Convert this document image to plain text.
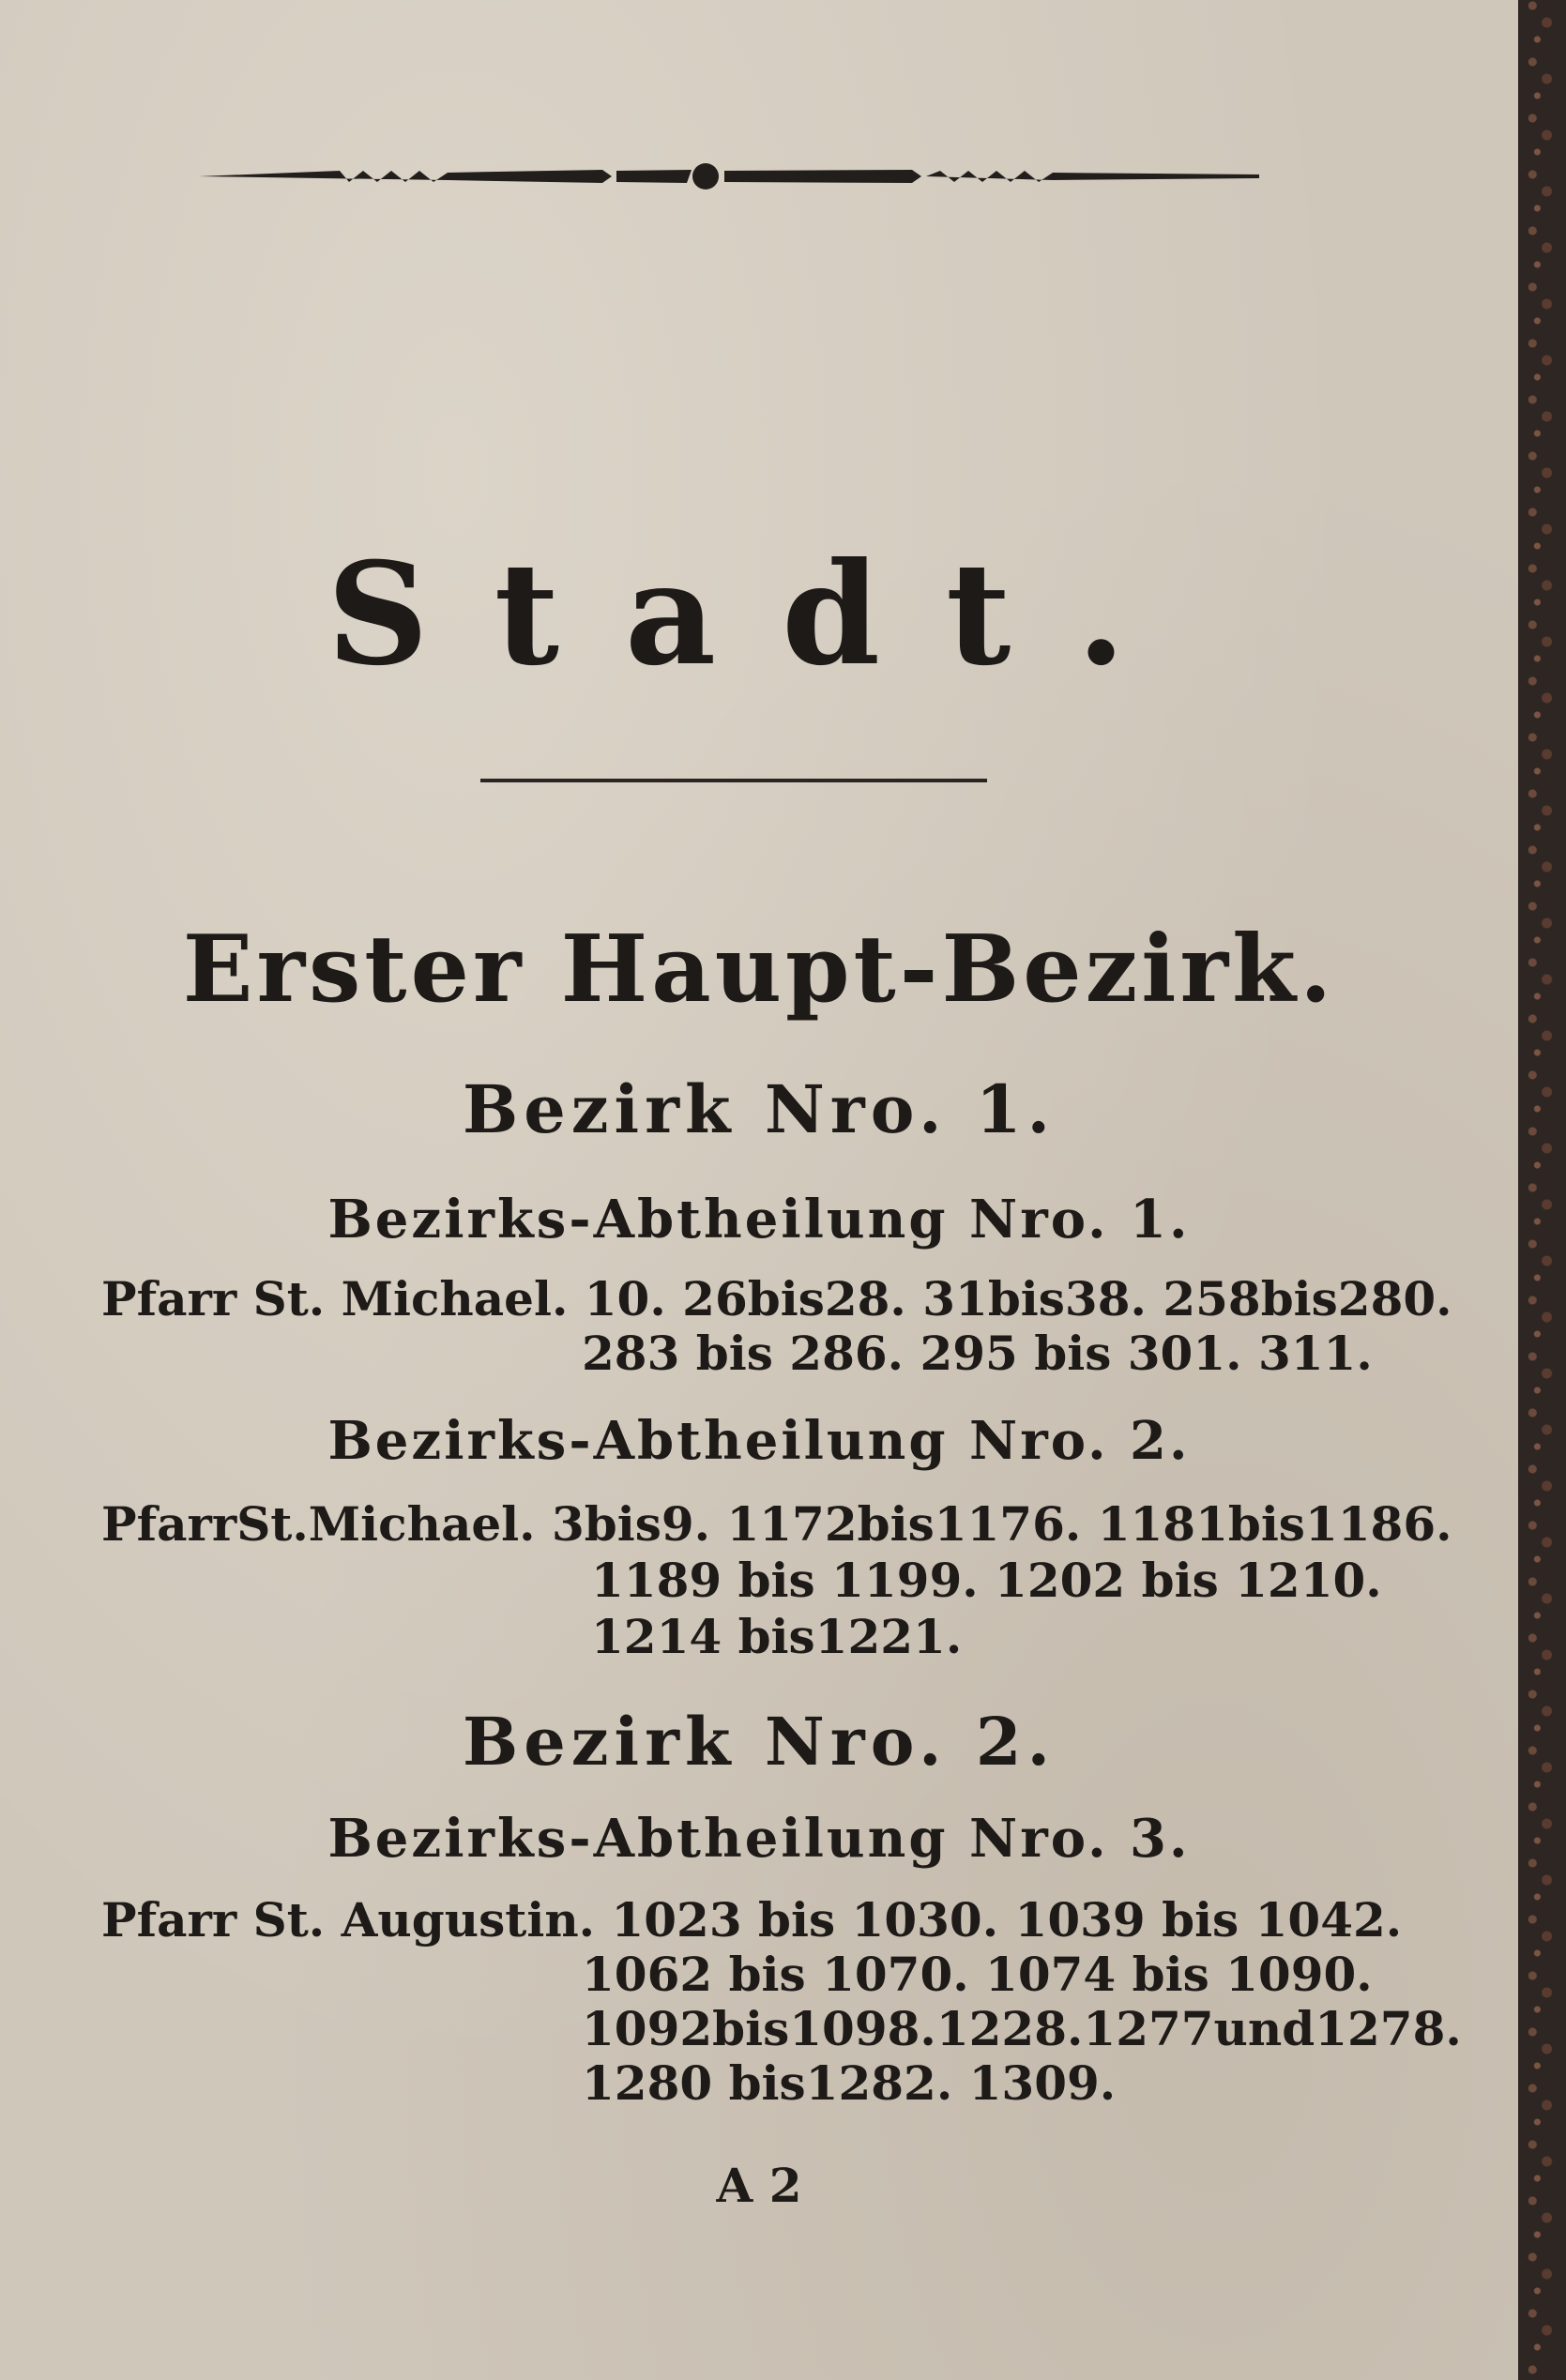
Stadt.
Erster Haupt-Bezirk.
Bezirk Nro. 1.
Bezirks-Abtheilung Nro. 1.
Pfarr St. Michael. 10. 26bis28. 31bis38. 258bis280.
283 bis 286. 295 bis 301. 311.
Bezirks-Abtheilung Nro. 2.
PfarrSt.Michael. 3bis9. 1172bis1176. 1181bis1186.
1189 bis 1199. 1202 bis 1210.
1214 bis1221.
Bezirk Nro. 2.
Bezirks-Abtheilung Nro. 3.
Pfarr St. Augustin. 1023 bis 1030. 1039 bis 1042.
1062 bis 1070. 1074 bis 1090.
1092bis1098.1228.1277und1278.
1280 bis1282. 1309.
A 2
